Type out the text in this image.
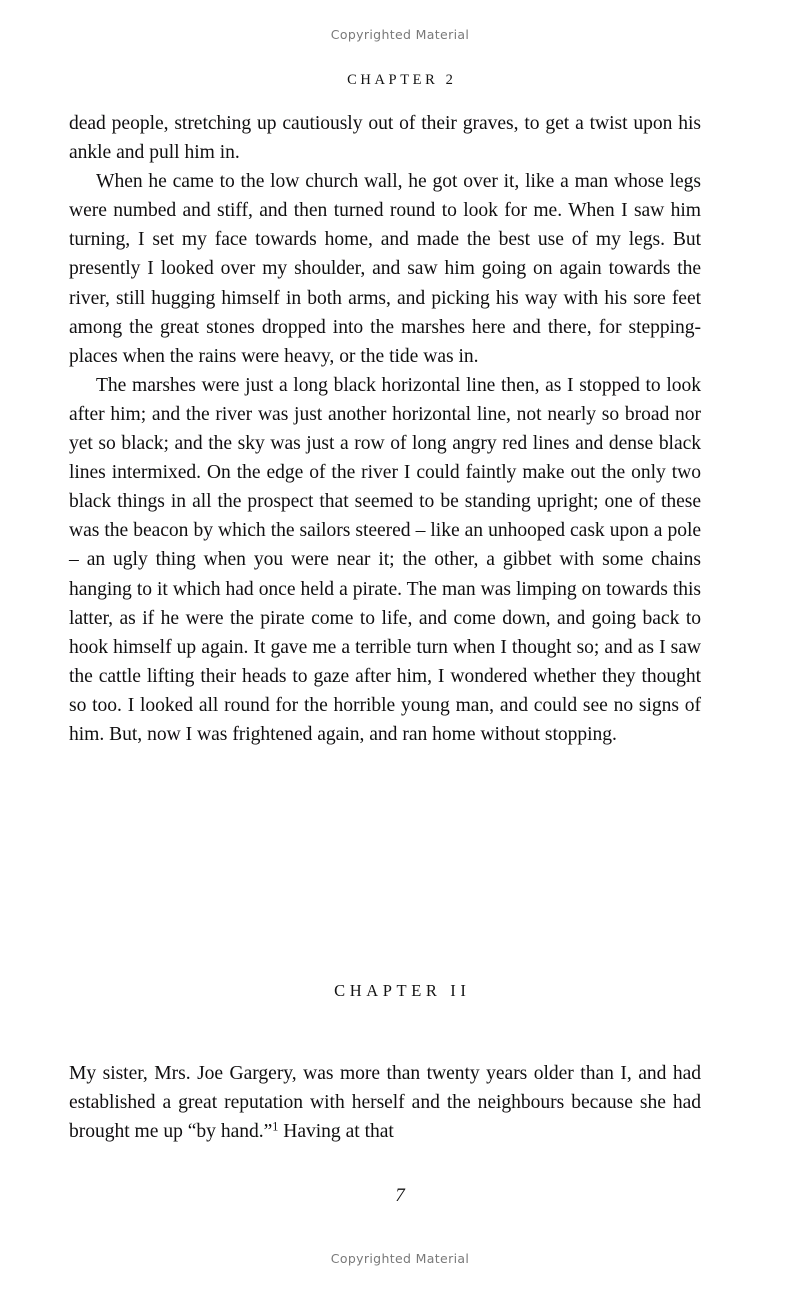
Copyrighted Material
CHAPTER 2

dead people, stretching up cautiously out of their graves, to get a twist upon his ankle and pull him in.

When he came to the low church wall, he got over it, like a man whose legs were numbed and stiff, and then turned round to look for me. When I saw him turning, I set my face towards home, and made the best use of my legs. But presently I looked over my shoulder, and saw him going on again towards the river, still hugging himself in both arms, and picking his way with his sore feet among the great stones dropped into the marshes here and there, for stepping-places when the rains were heavy, or the tide was in.

The marshes were just a long black horizontal line then, as I stopped to look after him; and the river was just another horizontal line, not nearly so broad nor yet so black; and the sky was just a row of long angry red lines and dense black lines intermixed. On the edge of the river I could faintly make out the only two black things in all the prospect that seemed to be standing upright; one of these was the beacon by which the sailors steered – like an unhooped cask upon a pole – an ugly thing when you were near it; the other, a gibbet with some chains hanging to it which had once held a pirate. The man was limping on towards this latter, as if he were the pirate come to life, and come down, and going back to hook himself up again. It gave me a terrible turn when I thought so; and as I saw the cattle lifting their heads to gaze after him, I wondered whether they thought so too. I looked all round for the horrible young man, and could see no signs of him. But, now I was frightened again, and ran home without stopping.

CHAPTER II

My sister, Mrs. Joe Gargery, was more than twenty years older than I, and had established a great reputation with herself and the neighbours because she had brought me up “by hand.”$^1$ Having at that

7
Copyrighted Material
